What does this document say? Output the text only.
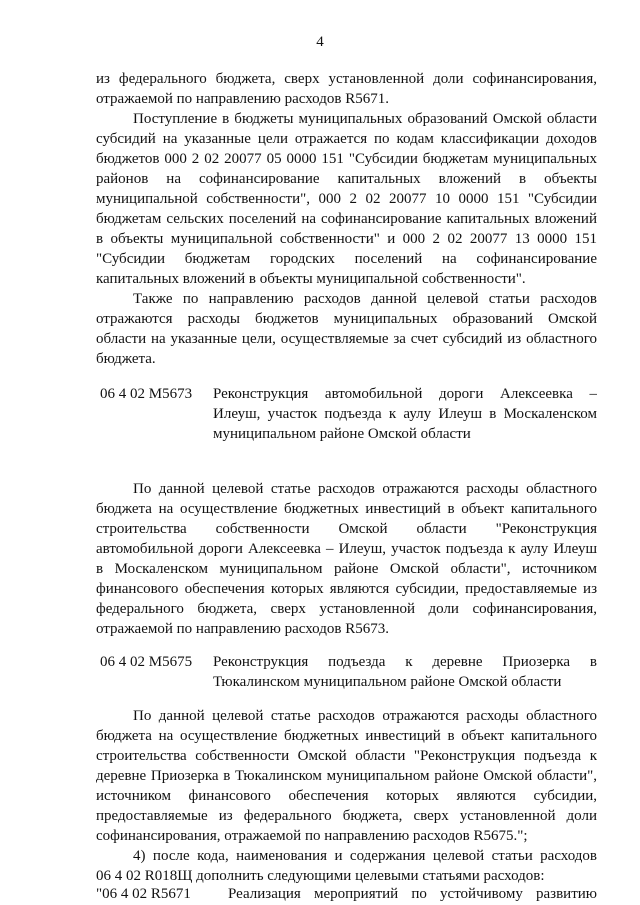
4
из федерального бюджета, сверх установленной доли софинансирования,
отражаемой по направлению расходов R5671.
Поступление в бюджеты муниципальных образований Омской области
субсидий на указанные цели отражается по кодам классификации доходов
бюджетов 000 2 02 20077 05 0000 151 "Субсидии бюджетам муниципальных
районов на софинансирование капитальных вложений в объекты
муниципальной собственности", 000 2 02 20077 10 0000 151 "Субсидии
бюджетам сельских поселений на софинансирование капитальных вложений
в объекты муниципальной собственности" и 000 2 02 20077 13 0000 151
"Субсидии бюджетам городских поселений на софинансирование
капитальных вложений в объекты муниципальной собственности".
Также по направлению расходов данной целевой статьи расходов
отражаются расходы бюджетов муниципальных образований Омской
области на указанные цели, осуществляемые за счет субсидий из областного
бюджета.
06 4 02 M5673 Реконструкция автомобильной дороги Алексеевка –
Илеуш, участок подъезда к аулу Илеуш в Москаленском
муниципальном районе Омской области
По данной целевой статье расходов отражаются расходы областного
бюджета на осуществление бюджетных инвестиций в объект капитального
строительства собственности Омской области "Реконструкция
автомобильной дороги Алексеевка – Илеуш, участок подъезда к аулу Илеуш
в Москаленском муниципальном районе Омской области", источником
финансового обеспечения которых являются субсидии, предоставляемые из
федерального бюджета, сверх установленной доли софинансирования,
отражаемой по направлению расходов R5673.
06 4 02 M5675 Реконструкция подъезда к деревне Приозерка в
Тюкалинском муниципальном районе Омской области
По данной целевой статье расходов отражаются расходы областного
бюджета на осуществление бюджетных инвестиций в объект капитального
строительства собственности Омской области "Реконструкция подъезда к
деревне Приозерка в Тюкалинском муниципальном районе Омской области",
источником финансового обеспечения которых являются субсидии,
предоставляемые из федерального бюджета, сверх установленной доли
софинансирования, отражаемой по направлению расходов R5675.";
4) после кода, наименования и содержания целевой статьи расходов
06 4 02 R018Щ дополнить следующими целевыми статьями расходов:
"06 4 02 R5671 Реализация мероприятий по устойчивому развитию
